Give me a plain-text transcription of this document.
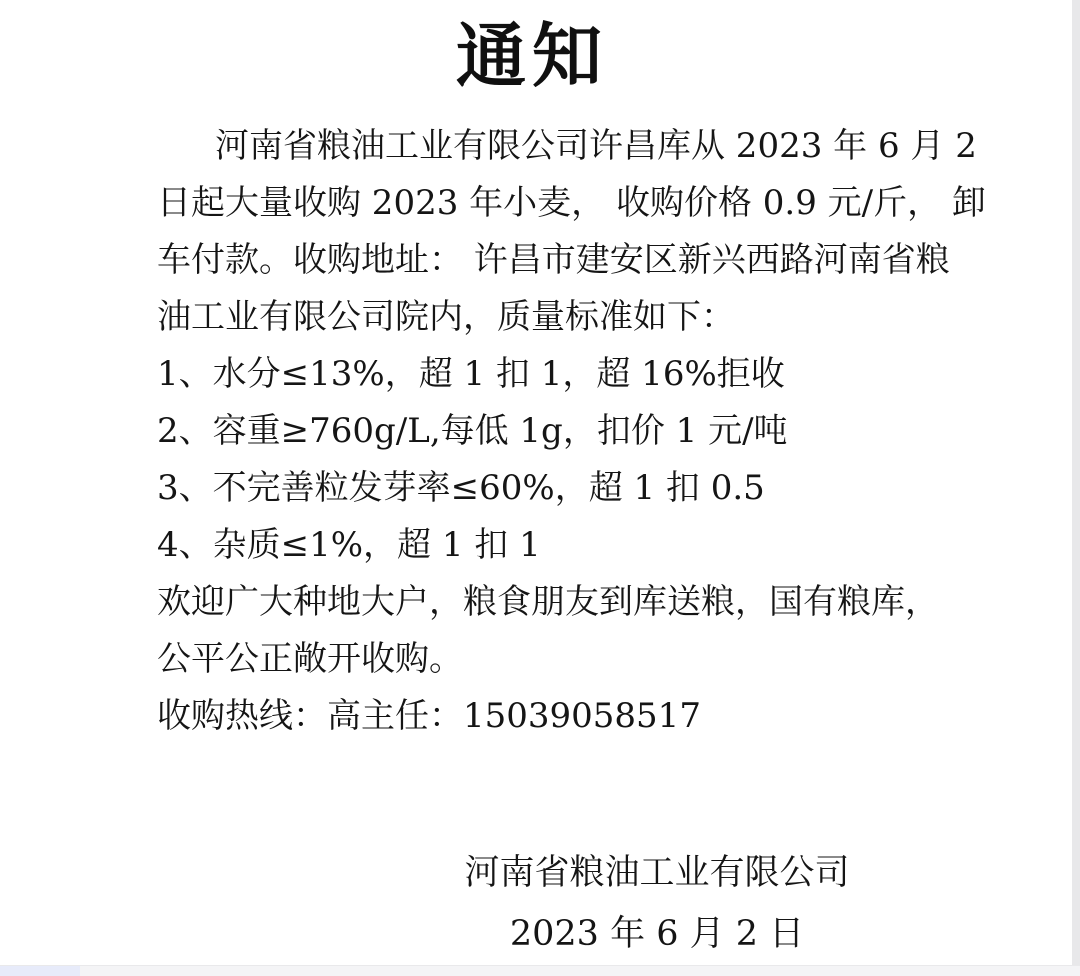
通知
河南省粮油工业有限公司许昌库从 2023 年 6 月 2
日起大量收购 2023 年小麦， 收购价格 0.9 元/斤， 卸
车付款。收购地址： 许昌市建安区新兴西路河南省粮
油工业有限公司院内，质量标准如下：
1、水分≤13%，超 1 扣 1，超 16%拒收
2、容重≥760g/L,每低 1g，扣价 1 元/吨
3、不完善粒发芽率≤60%，超 1 扣 0.5
4、杂质≤1%，超 1 扣 1
欢迎广大种地大户，粮食朋友到库送粮，国有粮库，
公平公正敞开收购。
收购热线：高主任：15039058517
河南省粮油工业有限公司
2023 年 6 月 2 日
